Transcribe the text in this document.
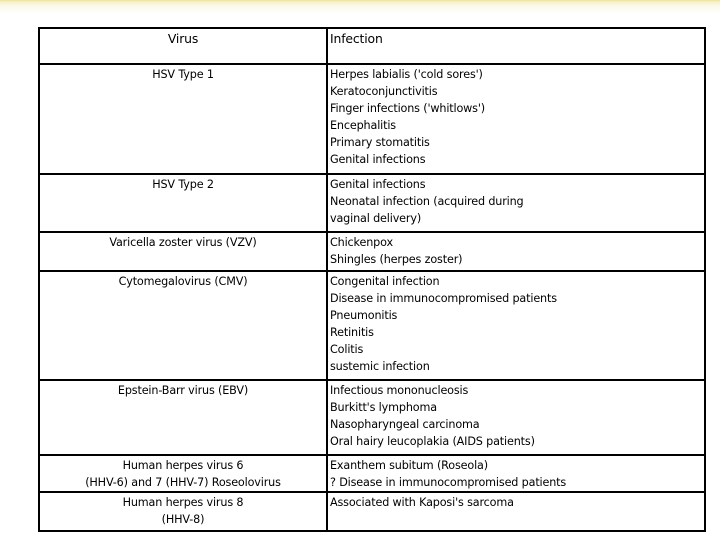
Virus	Infection

HSV Type 1	Herpes labialis ('cold sores')
Keratoconjunctivitis
Finger infections ('whitlows')
Encephalitis
Primary stomatitis
Genital infections

HSV Type 2	Genital infections
Neonatal infection (acquired during
vaginal delivery)

Varicella zoster virus (VZV)	Chickenpox
Shingles (herpes zoster)

Cytomegalovirus (CMV)	Congenital infection
Disease in immunocompromised patients
Pneumonitis
Retinitis
Colitis
sustemic infection

Epstein-Barr virus (EBV)	Infectious mononucleosis
Burkitt's lymphoma
Nasopharyngeal carcinoma
Oral hairy leucoplakia (AIDS patients)

Human herpes virus 6
(HHV-6) and 7 (HHV-7) Roseolovirus	Exanthem subitum (Roseola)
? Disease in immunocompromised patients

Human herpes virus 8
(HHV-8)	Associated with Kaposi's sarcoma
